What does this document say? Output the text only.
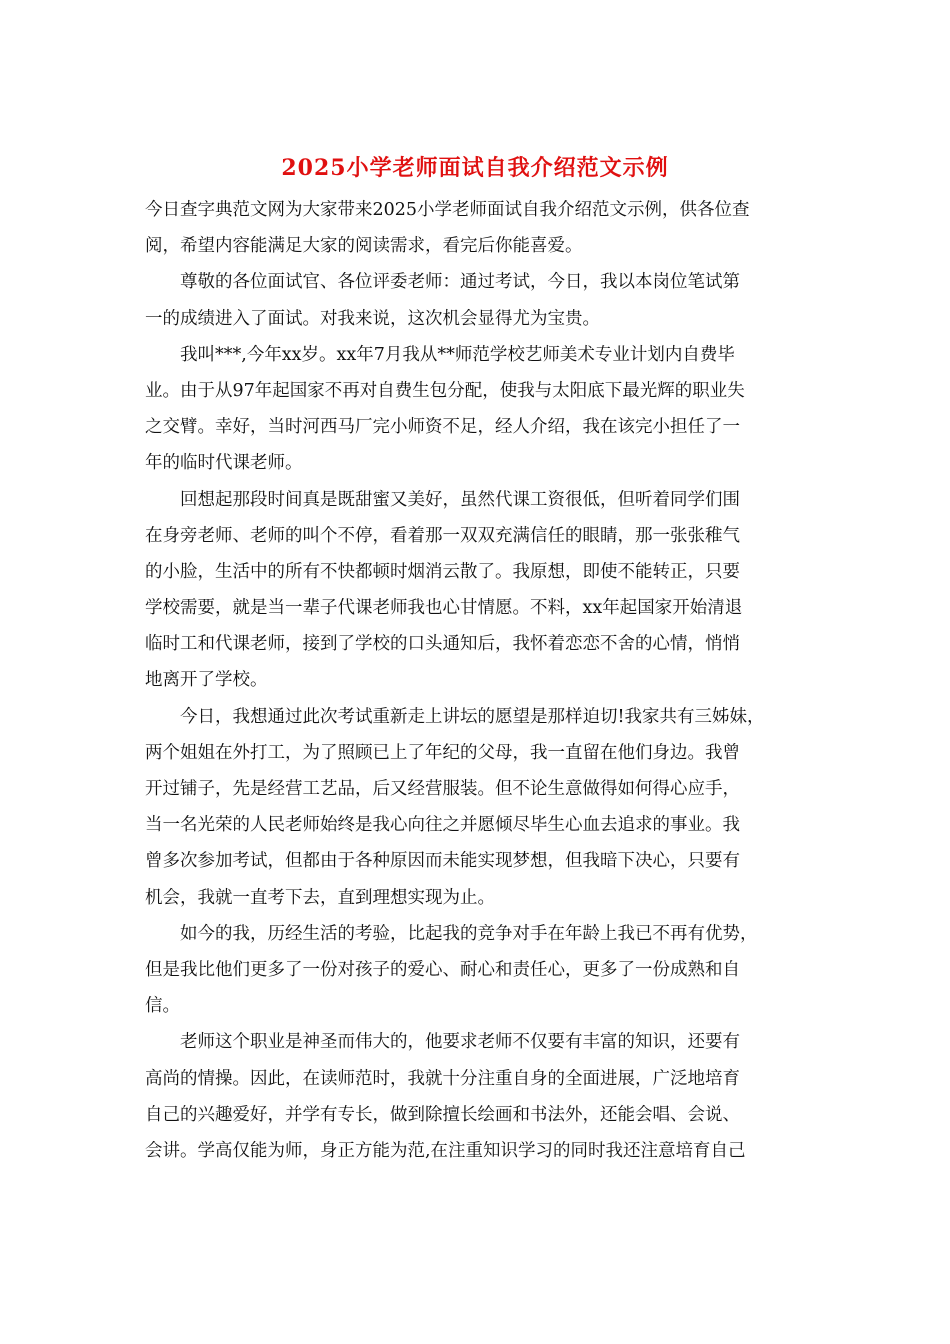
2025小学老师面试自我介绍范文示例
今日查字典范文网为大家带来2025小学老师面试自我介绍范文示例，供各位查
阅，希望内容能满足大家的阅读需求，看完后你能喜爱。
尊敬的各位面试官、各位评委老师：通过考试，今日，我以本岗位笔试第
一的成绩进入了面试。对我来说，这次机会显得尤为宝贵。
我叫***,今年xx岁。xx年7月我从**师范学校艺师美术专业计划内自费毕
业。由于从97年起国家不再对自费生包分配，使我与太阳底下最光辉的职业失
之交臂。幸好，当时河西马厂完小师资不足，经人介绍，我在该完小担任了一
年的临时代课老师。
回想起那段时间真是既甜蜜又美好，虽然代课工资很低，但听着同学们围
在身旁老师、老师的叫个不停，看着那一双双充满信任的眼睛，那一张张稚气
的小脸，生活中的所有不快都顿时烟消云散了。我原想，即使不能转正，只要
学校需要，就是当一辈子代课老师我也心甘情愿。不料，xx年起国家开始清退
临时工和代课老师，接到了学校的口头通知后，我怀着恋恋不舍的心情，悄悄
地离开了学校。
今日，我想通过此次考试重新走上讲坛的愿望是那样迫切!我家共有三姊妹，
两个姐姐在外打工，为了照顾已上了年纪的父母，我一直留在他们身边。我曾
开过铺子，先是经营工艺品，后又经营服装。但不论生意做得如何得心应手，
当一名光荣的人民老师始终是我心向往之并愿倾尽毕生心血去追求的事业。我
曾多次参加考试，但都由于各种原因而未能实现梦想，但我暗下决心，只要有
机会，我就一直考下去，直到理想实现为止。
如今的我，历经生活的考验，比起我的竞争对手在年龄上我已不再有优势，
但是我比他们更多了一份对孩子的爱心、耐心和责任心，更多了一份成熟和自
信。
老师这个职业是神圣而伟大的，他要求老师不仅要有丰富的知识，还要有
高尚的情操。因此，在读师范时，我就十分注重自身的全面进展，广泛地培育
自己的兴趣爱好，并学有专长，做到除擅长绘画和书法外，还能会唱、会说、
会讲。学高仅能为师，身正方能为范,在注重知识学习的同时我还注意培育自己
